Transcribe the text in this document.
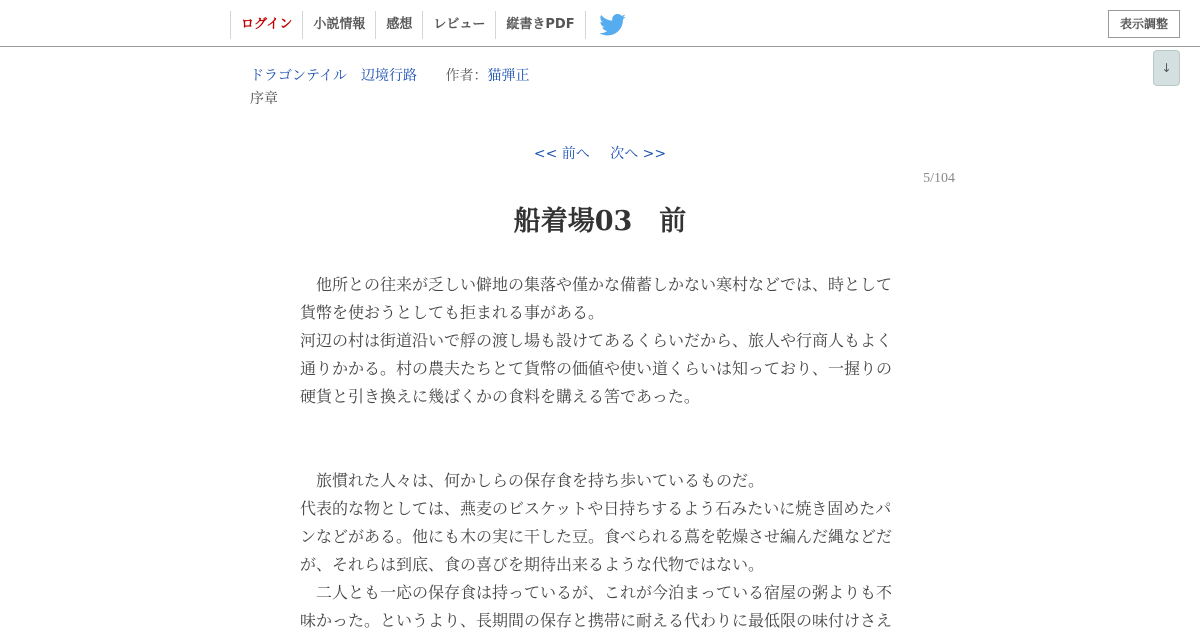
ログイン	小説情報	感想	レビュー	縦書きPDF	表示調整
↓
ドラゴンテイル　辺境行路 作者：猫弾正
序章
<< 前へ 次へ >>
5/104
船着場03　前

　他所との往来が乏しい僻地の集落や僅かな備蓄しかない寒村などでは、時として

貨幣を使おうとしても拒まれる事がある。

河辺の村は街道沿いで艀の渡し場も設けてあるくらいだから、旅人や行商人もよく

通りかかる。村の農夫たちとて貨幣の価値や使い道くらいは知っており、一握りの

硬貨と引き換えに幾ばくかの食料を購える筈であった。

　旅慣れた人々は、何かしらの保存食を持ち歩いているものだ。

代表的な物としては、燕麦のビスケットや日持ちするよう石みたいに焼き固めたパ

ンなどがある。他にも木の実に干した豆。食べられる蔦を乾燥させ編んだ縄などだ

が、それらは到底、食の喜びを期待出来るような代物ではない。

　二人とも一応の保存食は持っているが、これが今泊まっている宿屋の粥よりも不

味かった。というより、長期間の保存と携帯に耐える代わりに最低限の味付けさえ
